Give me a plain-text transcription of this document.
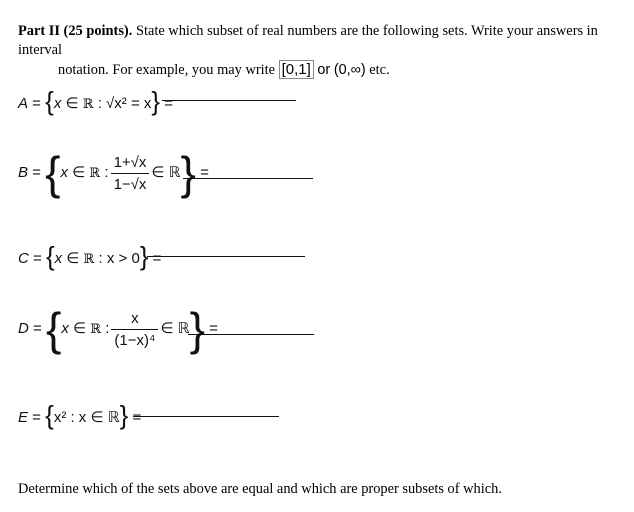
Part II (25 points). State which subset of real numbers are the following sets. Write your answers in interval
notation. For example, you may write [0,1] or (0,∞) etc.
A = {x ∈ ℝ : √x² = x} =
B = {x ∈ ℝ : $\frac{1+√x}{1-√x}$ ∈ ℝ} =
C = {x ∈ ℝ : x > 0} =
D = {x ∈ ℝ : $\frac{x}{\text{(1−x)⁴}}$ ∈ ℝ} =
E = {x² : x ∈ ℝ} =
Determine which of the sets above are equal and which are proper subsets of which.
